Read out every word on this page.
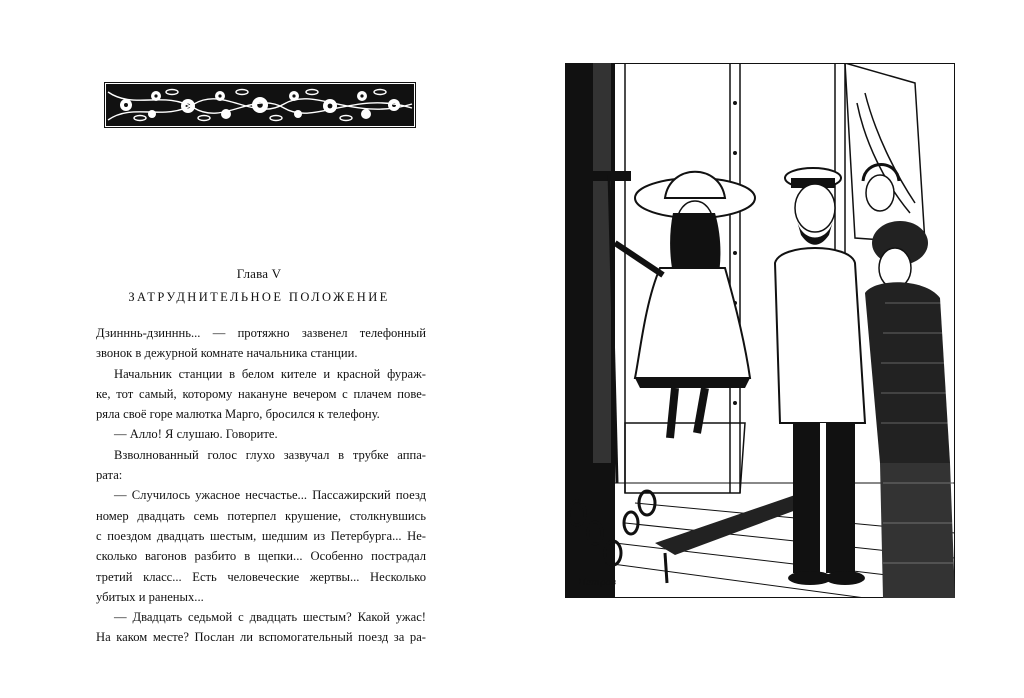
Глава V
ЗАТРУДНИТЕЛЬНОЕ ПОЛОЖЕНИЕ
Дзинннь-дзинннь... — протяжно зазвенел телефонный
звонок в дежурной комнате начальника станции.
Начальник станции в белом кителе и красной фураж-
ке, тот самый, которому накануне вечером с плачем пове-
ряла своё горе малютка Марго, бросился к телефону.
— Алло! Я слушаю. Говорите.
Взволнованный голос глухо зазвучал в трубке аппа-
рата:
— Случилось ужасное несчастье... Пассажирский поезд
номер двадцать семь потерпел крушение, столкнувшись
с поездом двадцать шестым, шедшим из Петербурга... Не-
сколько вагонов разбито в щепки... Особенно пострадал
третий класс... Есть человеческие жертвы... Несколько
убитых и раненых...
— Двадцать седьмой с двадцать шестым? Какой ужас!
На каком месте? Послан ли вспомогательный поезд за ра-
Петров
